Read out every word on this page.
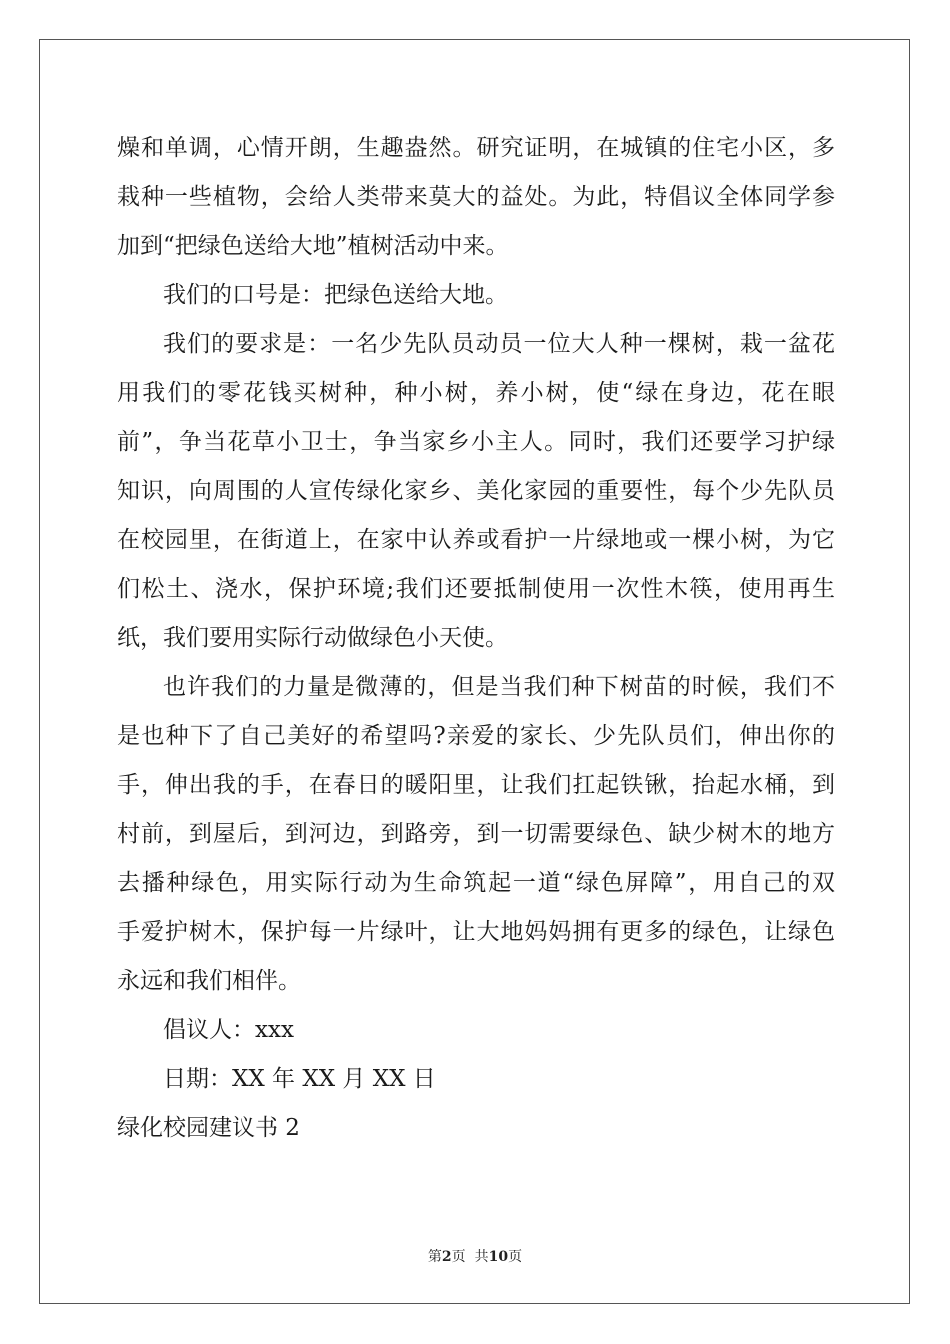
燥和单调，心情开朗，生趣盎然。研究证明，在城镇的住宅小区，多
栽种一些植物，会给人类带来莫大的益处。为此，特倡议全体同学参
加到“把绿色送给大地”植树活动中来。
我们的口号是：把绿色送给大地。
我们的要求是：一名少先队员动员一位大人种一棵树，栽一盆花
用我们的零花钱买树种，种小树，养小树，使“绿在身边，花在眼
前”，争当花草小卫士，争当家乡小主人。同时，我们还要学习护绿
知识，向周围的人宣传绿化家乡、美化家园的重要性，每个少先队员
在校园里，在街道上，在家中认养或看护一片绿地或一棵小树，为它
们松土、浇水，保护环境;我们还要抵制使用一次性木筷，使用再生
纸，我们要用实际行动做绿色小天使。
也许我们的力量是微薄的，但是当我们种下树苗的时候，我们不
是也种下了自己美好的希望吗?亲爱的家长、少先队员们，伸出你的
手，伸出我的手，在春日的暖阳里，让我们扛起铁锹，抬起水桶，到
村前，到屋后，到河边，到路旁，到一切需要绿色、缺少树木的地方
去播种绿色，用实际行动为生命筑起一道“绿色屏障”，用自己的双
手爱护树木，保护每一片绿叶，让大地妈妈拥有更多的绿色，让绿色
永远和我们相伴。
倡议人：xxx
日期：XX 年 XX 月 XX 日
绿化校园建议书 2
第2页  共10页
